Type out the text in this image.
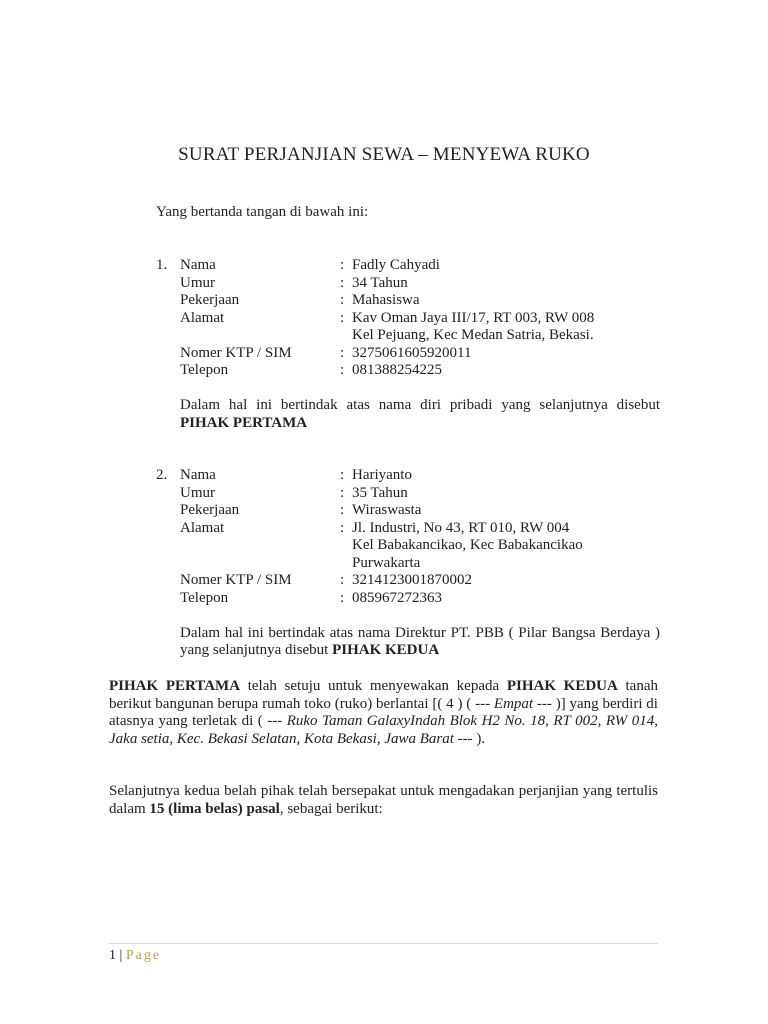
SURAT PERJANJIAN SEWA – MENYEWA RUKO
Yang bertanda tangan di bawah ini:
1. Nama	: Fadly Cahyadi
Umur	: 34 Tahun
Pekerjaan	: Mahasiswa
Alamat	: Kav Oman Jaya III/17, RT 003, RW 008
Kel Pejuang, Kec Medan Satria, Bekasi.
Nomer KTP / SIM	: 3275061605920011
Telepon	: 081388254225
Dalam hal ini bertindak atas nama diri pribadi yang selanjutnya disebut PIHAK PERTAMA
2. Nama	: Hariyanto
Umur	: 35 Tahun
Pekerjaan	: Wiraswasta
Alamat	: Jl. Industri, No 43, RT 010, RW 004
Kel Babakancikao, Kec Babakancikao
Purwakarta
Nomer KTP / SIM	: 3214123001870002
Telepon	: 085967272363
Dalam hal ini bertindak atas nama Direktur PT. PBB ( Pilar Bangsa Berdaya ) yang selanjutnya disebut PIHAK KEDUA
PIHAK PERTAMA telah setuju untuk menyewakan kepada PIHAK KEDUA tanah berikut bangunan berupa rumah toko (ruko) berlantai [( 4 ) ( --- Empat --- )] yang berdiri di atasnya yang terletak di ( --- Ruko Taman GalaxyIndah Blok H2 No. 18, RT 002, RW 014, Jaka setia, Kec. Bekasi Selatan, Kota Bekasi, Jawa Barat --- ).
Selanjutnya kedua belah pihak telah bersepakat untuk mengadakan perjanjian yang tertulis dalam 15 (lima belas) pasal, sebagai berikut:
1 | Page
